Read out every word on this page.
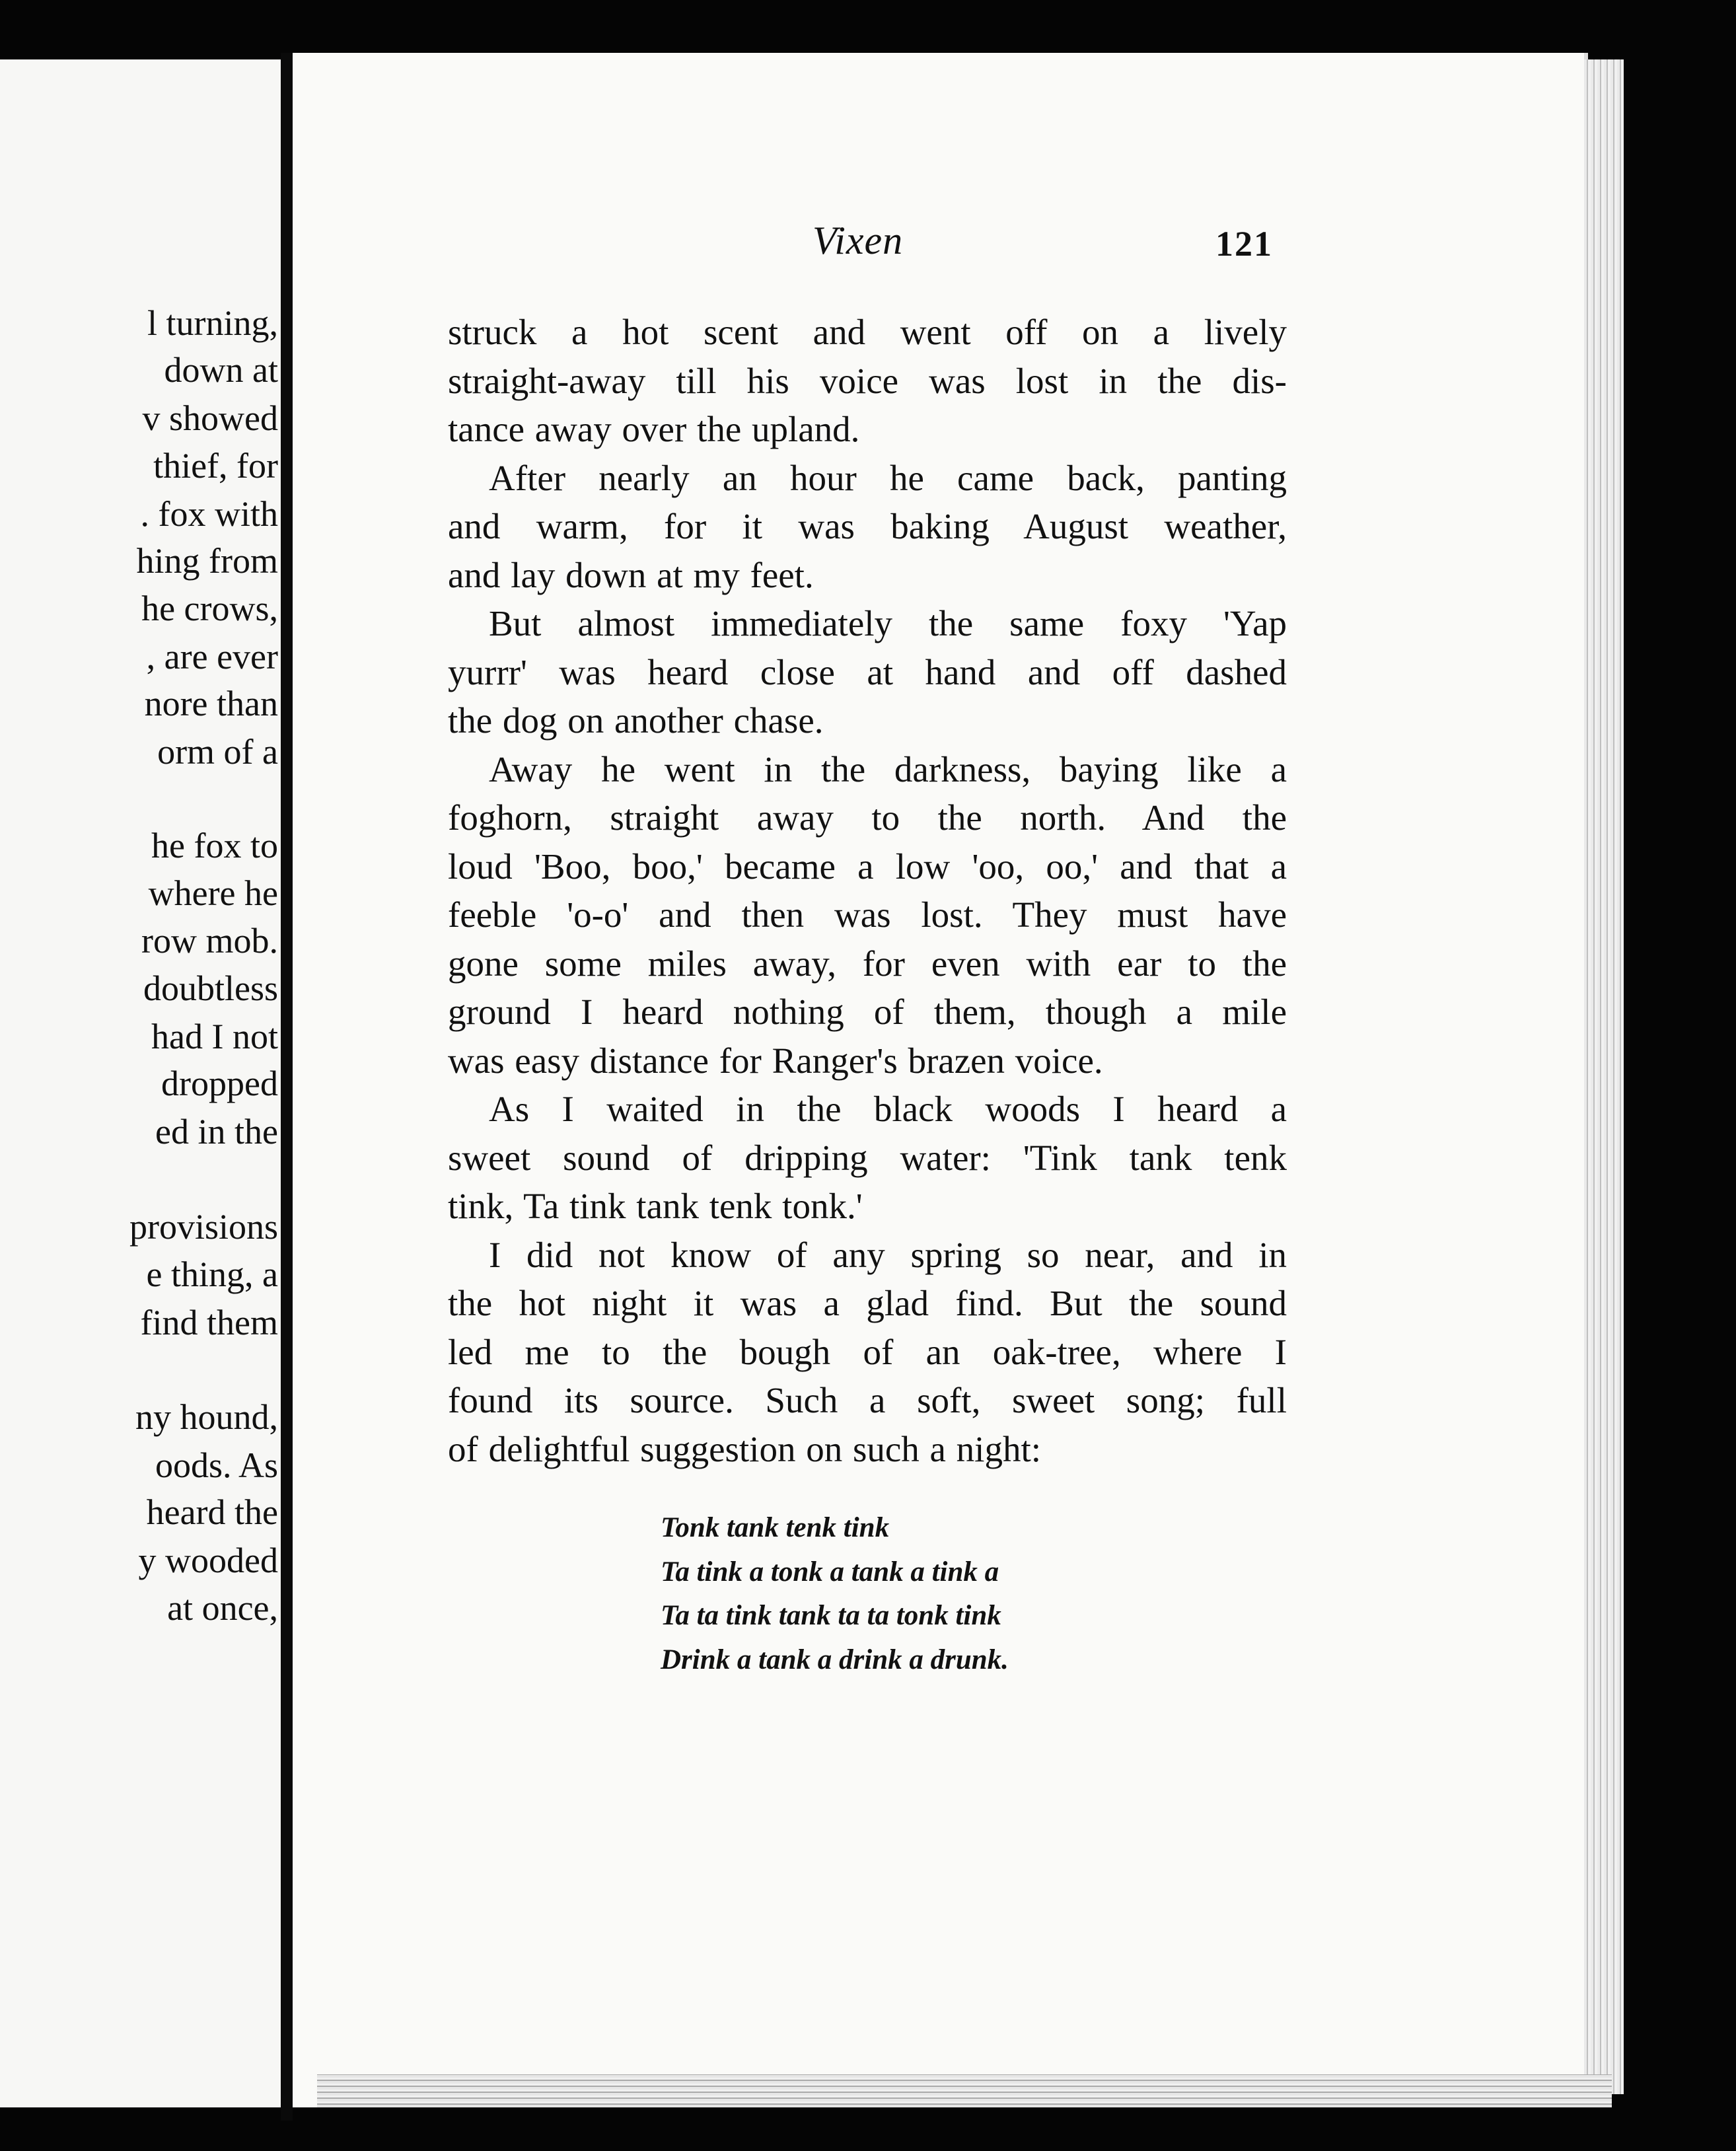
l turning,
down at
v showed
thief, for
. fox with
hing from
he crows,
, are ever
nore than
orm of a
he fox to
where he
row mob.
doubtless
had I not
dropped
ed in the
provisions
e thing, a
find them
ny hound,
oods. As
heard the
y wooded
at once,
Vixen	121
struck a hot scent and went off on a lively
straight-away till his voice was lost in the dis-
tance away over the upland.
After nearly an hour he came back, panting
and warm, for it was baking August weather,
and lay down at my feet.
But almost immediately the same foxy 'Yap
yurrr' was heard close at hand and off dashed
the dog on another chase.
Away he went in the darkness, baying like a
foghorn, straight away to the north. And the
loud 'Boo, boo,' became a low 'oo, oo,' and that a
feeble 'o-o' and then was lost. They must have
gone some miles away, for even with ear to the
ground I heard nothing of them, though a mile
was easy distance for Ranger's brazen voice.
As I waited in the black woods I heard a
sweet sound of dripping water: 'Tink tank tenk
tink, Ta tink tank tenk tonk.'
I did not know of any spring so near, and in
the hot night it was a glad find. But the sound
led me to the bough of an oak-tree, where I
found its source. Such a soft, sweet song; full
of delightful suggestion on such a night:
Tonk tank tenk tink
Ta tink a tonk a tank a tink a
Ta ta tink tank ta ta tonk tink
Drink a tank a drink a drunk.
